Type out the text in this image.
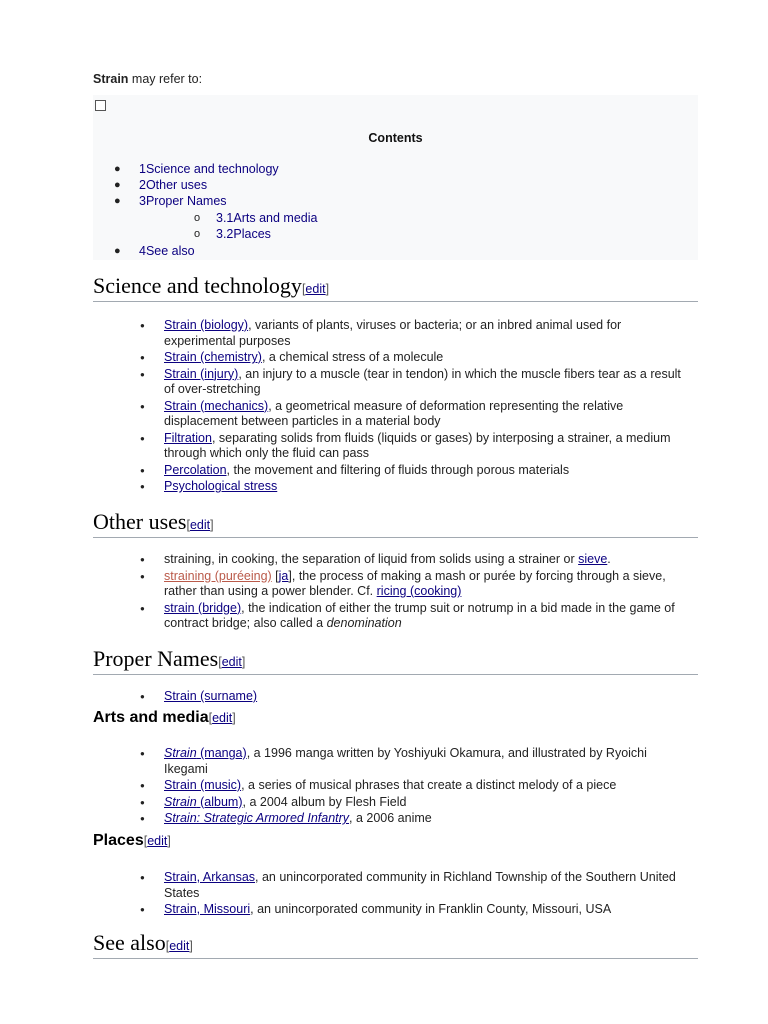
Strain may refer to:
Contents
● 1Science and technology
● 2Other uses
● 3Proper Names
o 3.1Arts and media
o 3.2Places
● 4See also
Science and technology[edit]
● Strain (biology), variants of plants, viruses or bacteria; or an inbred animal used for experimental purposes
● Strain (chemistry), a chemical stress of a molecule
● Strain (injury), an injury to a muscle (tear in tendon) in which the muscle fibers tear as a result of over-stretching
● Strain (mechanics), a geometrical measure of deformation representing the relative displacement between particles in a material body
● Filtration, separating solids from fluids (liquids or gases) by interposing a strainer, a medium through which only the fluid can pass
● Percolation, the movement and filtering of fluids through porous materials
● Psychological stress
Other uses[edit]
● straining, in cooking, the separation of liquid from solids using a strainer or sieve.
● straining (puréeing) [ja], the process of making a mash or purée by forcing through a sieve, rather than using a power blender. Cf. ricing (cooking)
● strain (bridge), the indication of either the trump suit or notrump in a bid made in the game of contract bridge; also called a denomination
Proper Names[edit]
● Strain (surname)
Arts and media[edit]
● Strain (manga), a 1996 manga written by Yoshiyuki Okamura, and illustrated by Ryoichi Ikegami
● Strain (music), a series of musical phrases that create a distinct melody of a piece
● Strain (album), a 2004 album by Flesh Field
● Strain: Strategic Armored Infantry, a 2006 anime
Places[edit]
● Strain, Arkansas, an unincorporated community in Richland Township of the Southern United States
● Strain, Missouri, an unincorporated community in Franklin County, Missouri, USA
See also[edit]
